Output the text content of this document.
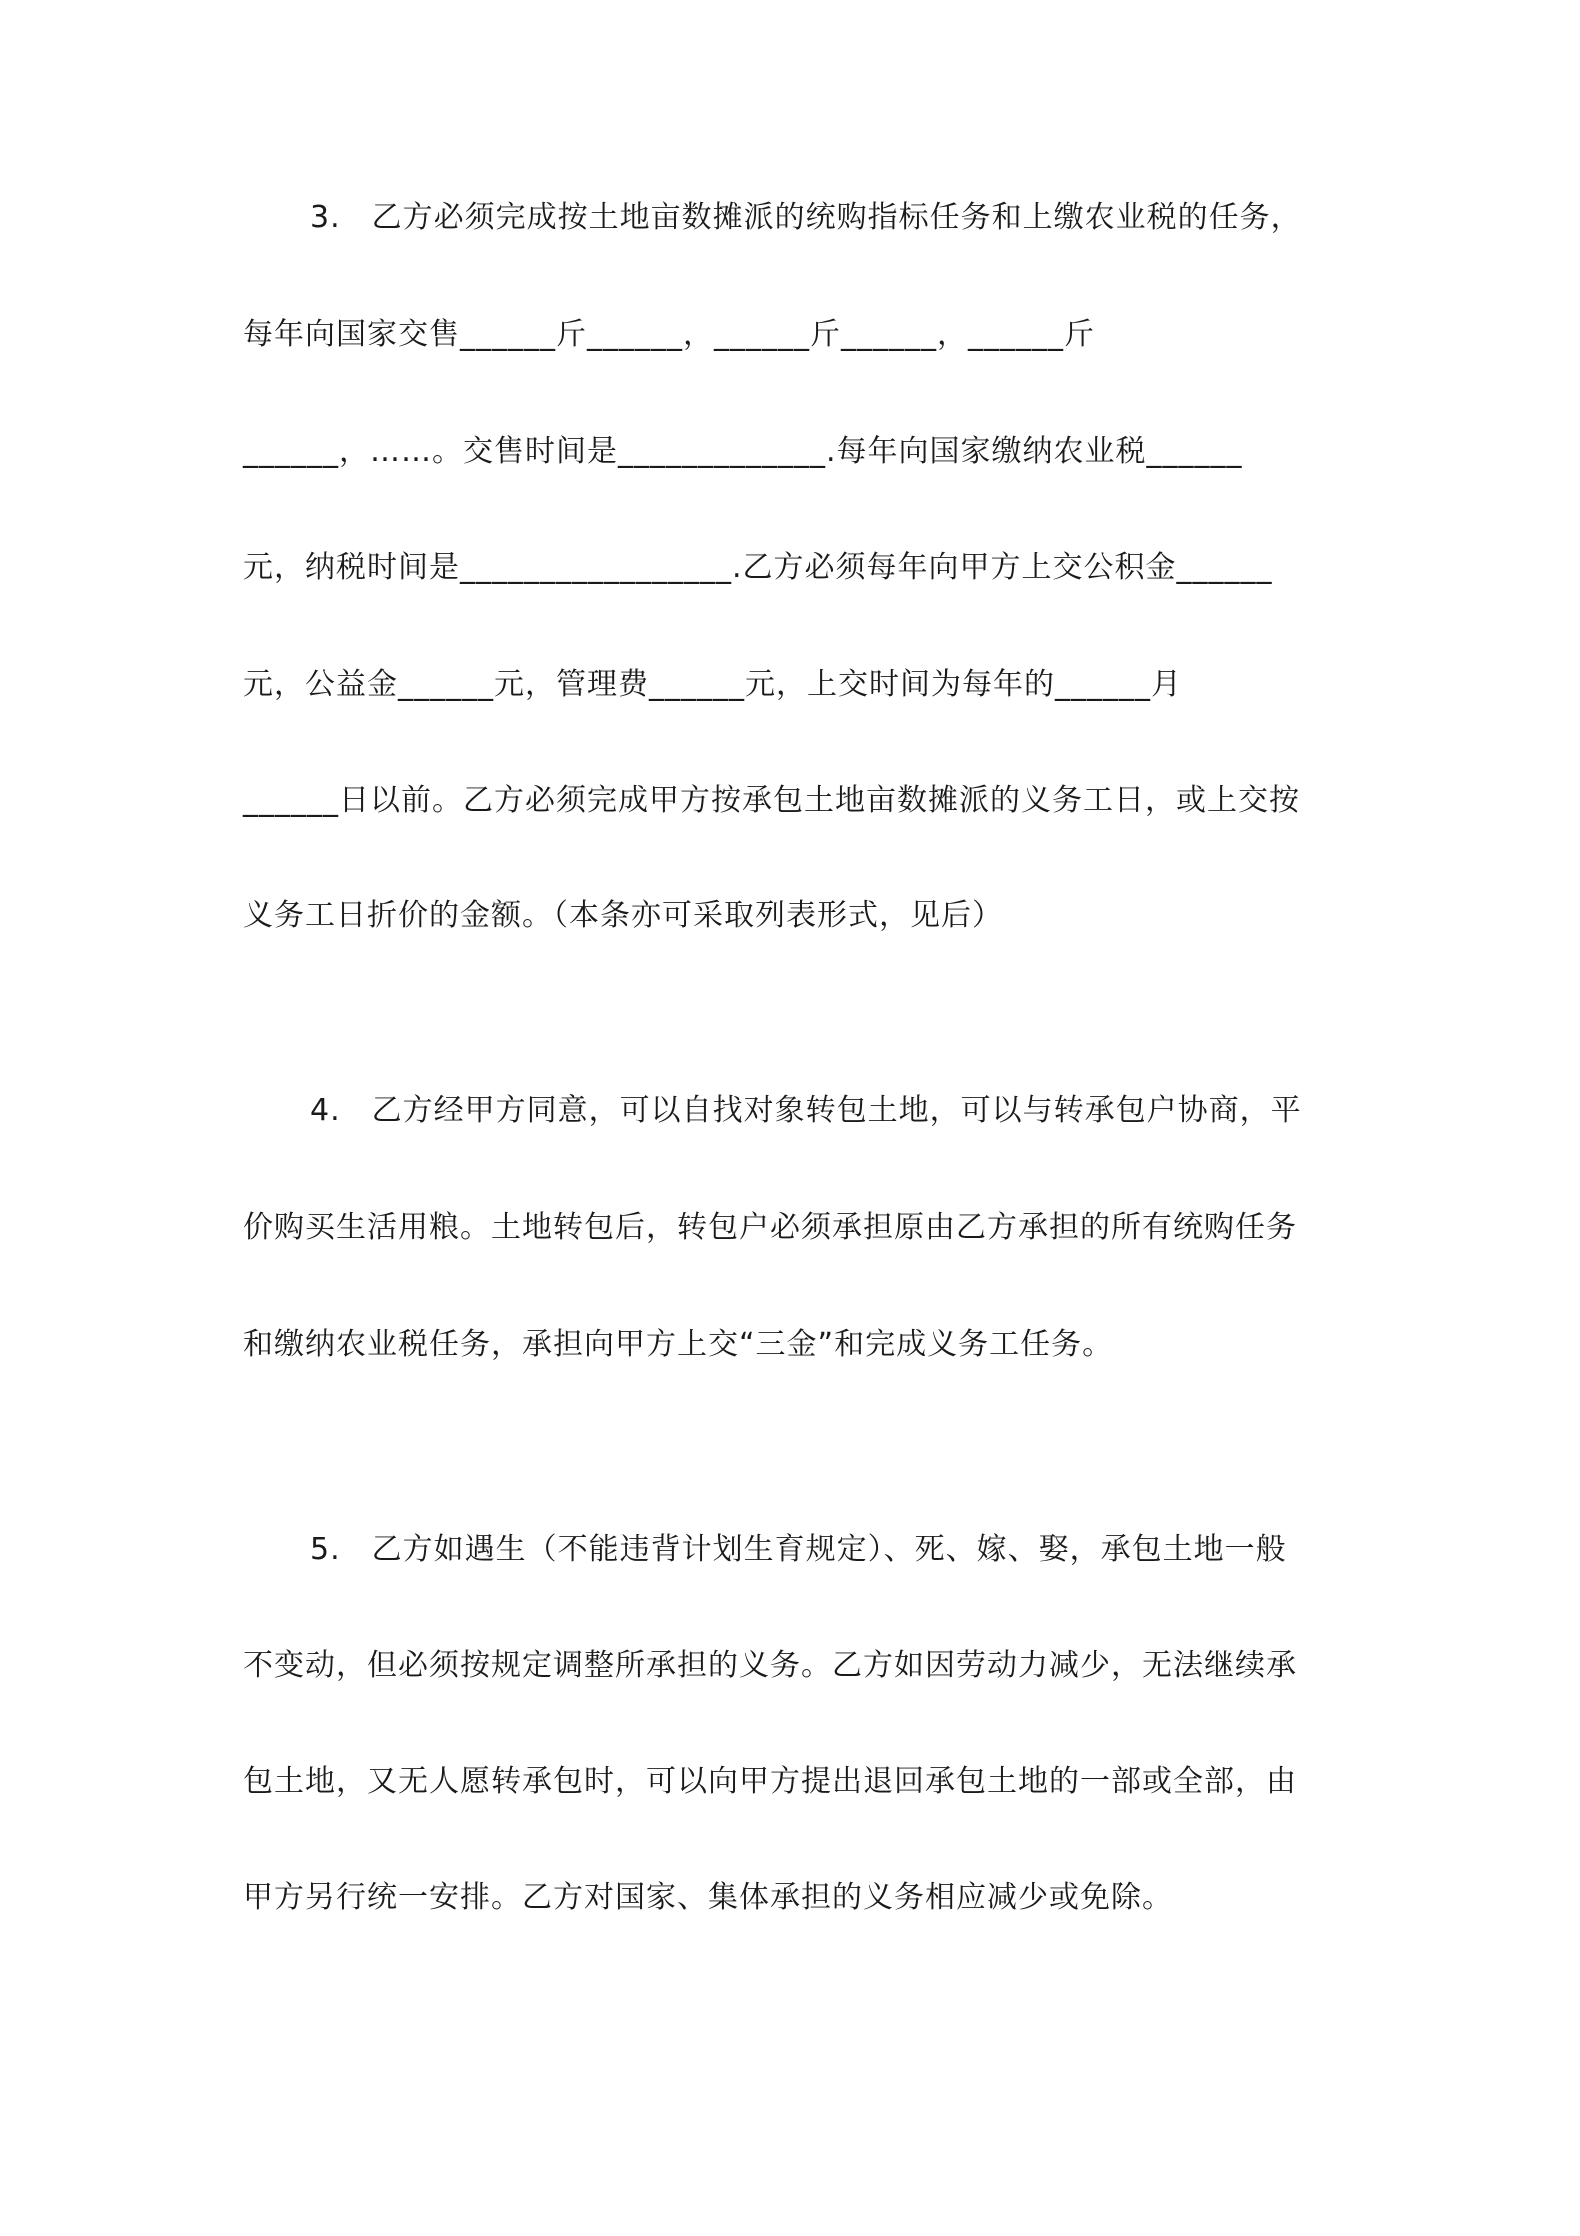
3.　乙方必须完成按土地亩数摊派的统购指标任务和上缴农业税的任务，
每年向国家交售______斤______，______斤______，______斤
______，……。交售时间是_____________.每年向国家缴纳农业税______
元，纳税时间是_________________.乙方必须每年向甲方上交公积金______
元，公益金______元，管理费______元，上交时间为每年的______月
______日以前。乙方必须完成甲方按承包土地亩数摊派的义务工日，或上交按
义务工日折价的金额。（本条亦可采取列表形式，见后）
4.　乙方经甲方同意，可以自找对象转包土地，可以与转承包户协商，平
价购买生活用粮。土地转包后，转包户必须承担原由乙方承担的所有统购任务
和缴纳农业税任务，承担向甲方上交“三金”和完成义务工任务。
5.　乙方如遇生（不能违背计划生育规定）、死、嫁、娶，承包土地一般
不变动，但必须按规定调整所承担的义务。乙方如因劳动力减少，无法继续承
包土地，又无人愿转承包时，可以向甲方提出退回承包土地的一部或全部，由
甲方另行统一安排。乙方对国家、集体承担的义务相应减少或免除。
